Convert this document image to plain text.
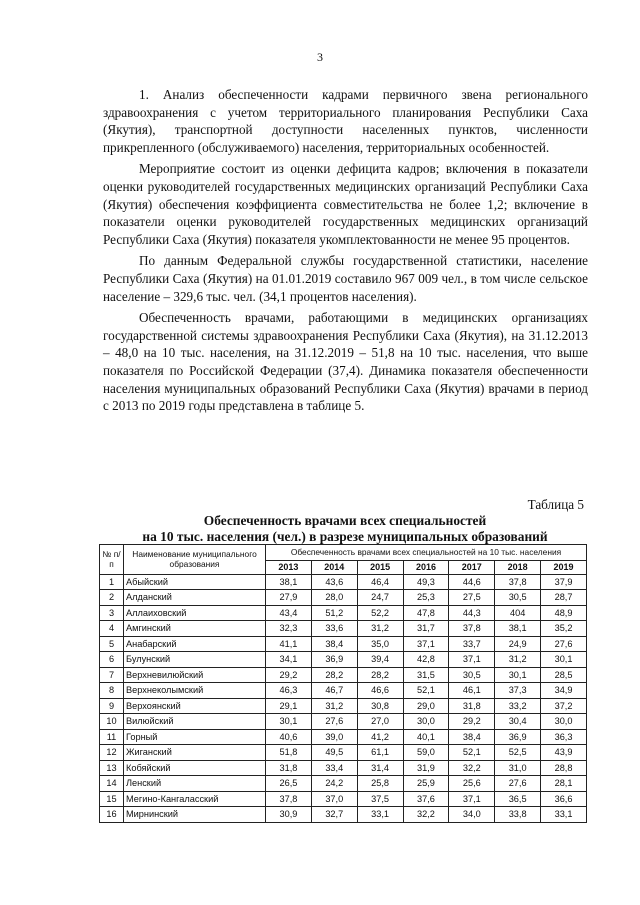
3

1. Анализ обеспеченности кадрами первичного звена регионального здравоохранения с учетом территориального планирования Республики Саха (Якутия), транспортной доступности населенных пунктов, численности прикрепленного (обслуживаемого) населения, территориальных особенностей.

Мероприятие состоит из оценки дефицита кадров; включения в показатели оценки руководителей государственных медицинских организаций Республики Саха (Якутия) обеспечения коэффициента совместительства не более 1,2; включение в показатели оценки руководителей государственных медицинских организаций Республики Саха (Якутия) показателя укомплектованности не менее 95 процентов.

По данным Федеральной службы государственной статистики, население Республики Саха (Якутия) на 01.01.2019 составило 967 009 чел., в том числе сельское население – 329,6 тыс. чел. (34,1 процентов населения).

Обеспеченность врачами, работающими в медицинских организациях государственной системы здравоохранения Республики Саха (Якутия), на 31.12.2013 – 48,0 на 10 тыс. населения, на 31.12.2019 – 51,8 на 10 тыс. населения, что выше показателя по Российской Федерации (37,4). Динамика показателя обеспеченности населения муниципальных образований Республики Саха (Якутия) врачами в период с 2013 по 2019 годы представлена в таблице 5.

Таблица 5
Обеспеченность врачами всех специальностей
на 10 тыс. населения (чел.) в разрезе муниципальных образований
№ п/п	Наименование муниципального образования	Обеспеченность врачами всех специальностей на 10 тыс. населения						
		2013	2014	2015	2016	2017	2018	2019
1	Абыйский	38,1	43,6	46,4	49,3	44,6	37,8	37,9
2	Алданский	27,9	28,0	24,7	25,3	27,5	30,5	28,7
3	Аллаиховский	43,4	51,2	52,2	47,8	44,3	404	48,9
4	Амгинский	32,3	33,6	31,2	31,7	37,8	38,1	35,2
5	Анабарский	41,1	38,4	35,0	37,1	33,7	24,9	27,6
6	Булунский	34,1	36,9	39,4	42,8	37,1	31,2	30,1
7	Верхневилюйский	29,2	28,2	28,2	31,5	30,5	30,1	28,5
8	Верхнеколымский	46,3	46,7	46,6	52,1	46,1	37,3	34,9
9	Верхоянский	29,1	31,2	30,8	29,0	31,8	33,2	37,2
10	Вилюйский	30,1	27,6	27,0	30,0	29,2	30,4	30,0
11	Горный	40,6	39,0	41,2	40,1	38,4	36,9	36,3
12	Жиганский	51,8	49,5	61,1	59,0	52,1	52,5	43,9
13	Кобяйский	31,8	33,4	31,4	31,9	32,2	31,0	28,8
14	Ленский	26,5	24,2	25,8	25,9	25,6	27,6	28,1
15	Мегино-Кангаласский	37,8	37,0	37,5	37,6	37,1	36,5	36,6
16	Мирнинский	30,9	32,7	33,1	32,2	34,0	33,8	33,1
